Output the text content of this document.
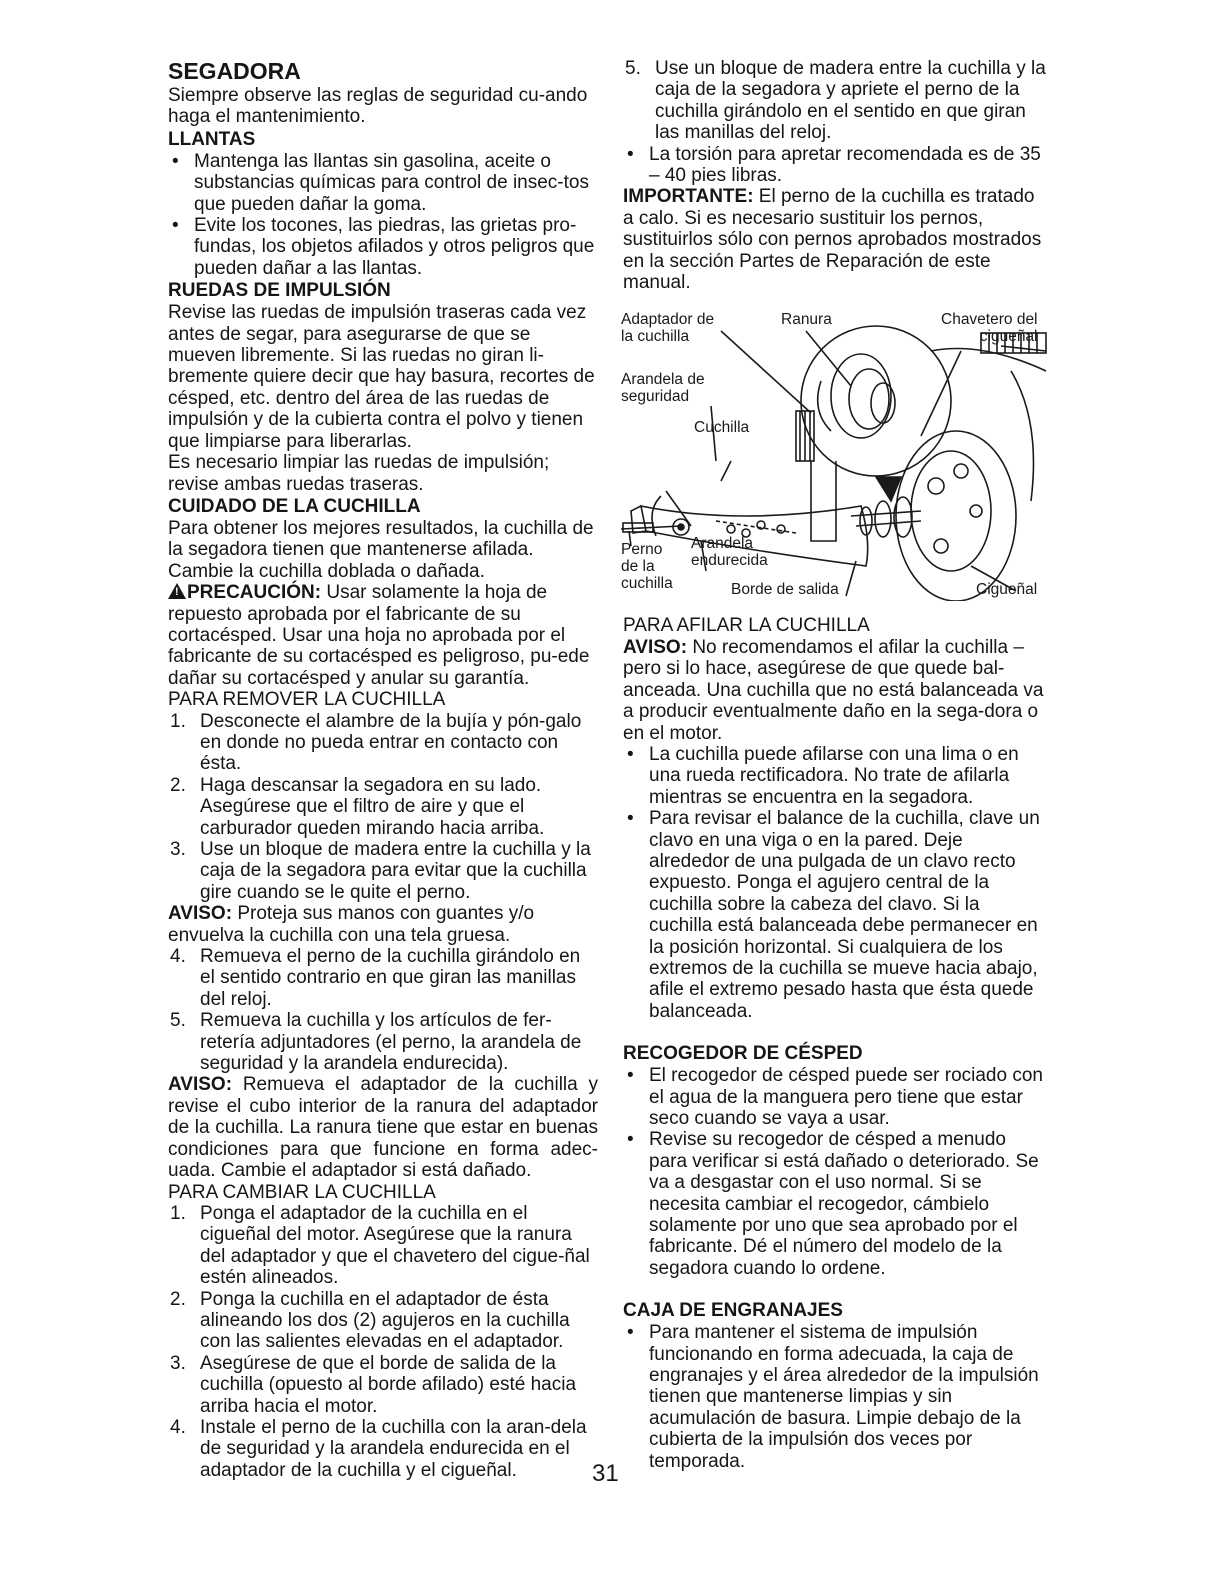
SEGADORA

Siempre observe las reglas de seguridad cu-ando haga el mantenimiento.

LLANTAS
• Mantenga las llantas sin gasolina, aceite o substancias químicas para control de insec-tos que pueden dañar la goma.
• Evite los tocones, las piedras, las grietas pro-fundas, los objetos afilados y otros peligros que pueden dañar a las llantas.
RUEDAS DE IMPULSIÓN

Revise las ruedas de impulsión traseras cada vez antes de segar, para asegurarse de que se mueven libremente. Si las ruedas no giran li-bremente quiere decir que hay basura, recortes de césped, etc. dentro del área de las ruedas de impulsión y de la cubierta contra el polvo y tienen que limpiarse para liberarlas.

Es necesario limpiar las ruedas de impulsión; revise ambas ruedas traseras.

CUIDADO DE LA CUCHILLA

Para obtener los mejores resultados, la cuchilla de la segadora tienen que mantenerse afilada. Cambie la cuchilla doblada o dañada.

! PRECAUCIÓN: Usar solamente la hoja de repuesto aprobada por el fabricante de su cortacésped. Usar una hoja no aprobada por el fabricante de su cortacésped es peligroso, pu-ede dañar su cortacésped y anular su garantía.

PARA REMOVER LA CUCHILLA
1. Desconecte el alambre de la bujía y pón-galo en donde no pueda entrar en contacto con ésta.
2. Haga descansar la segadora en su lado. Asegúrese que el filtro de aire y que el carburador queden mirando hacia arriba.
3. Use un bloque de madera entre la cuchilla y la caja de la segadora para evitar que la cuchilla gire cuando se le quite el perno.

AVISO: Proteja sus manos con guantes y/o envuelva la cuchilla con una tela gruesa.

4. Remueva el perno de la cuchilla girándolo en el sentido contrario en que giran las manillas del reloj.
5. Remueva la cuchilla y los artículos de fer-retería adjuntadores (el perno, la arandela de seguridad y la arandela endurecida).

AVISO: Remueva el adaptador de la cuchilla y revise el cubo interior de la ranura del adaptador de la cuchilla. La ranura tiene que estar en buenas condiciones para que funcione en forma adec-uada. Cambie el adaptador si está dañado.

PARA CAMBIAR LA CUCHILLA
1. Ponga el adaptador de la cuchilla en el cigueñal del motor. Asegúrese que la ranura del adaptador y que el chavetero del cigue-ñal estén alineados.
2. Ponga la cuchilla en el adaptador de ésta alineando los dos (2) agujeros en la cuchilla con las salientes elevadas en el adaptador.
3. Asegúrese de que el borde de salida de la cuchilla (opuesto al borde afilado) esté hacia arriba hacia el motor.
4. Instale el perno de la cuchilla con la aran-dela de seguridad y la arandela endurecida en el adaptador de la cuchilla y el cigueñal.
5. Use un bloque de madera entre la cuchilla y la caja de la segadora y apriete el perno de la cuchilla girándolo en el sentido en que giran las manillas del reloj.
• La torsión para apretar recomendada es de 35 – 40 pies libras.

IMPORTANTE: El perno de la cuchilla es tratado a calo. Si es necesario sustituir los pernos, sustituirlos sólo con pernos aprobados mostrados en la sección Partes de Reparación de este manual.

Adaptador de
la cuchilla
Ranura	Chavetero del
cigueñal
Arandela de
seguridad
Cuchilla
Perno
de la
cuchilla
Arandela
endurecida
Borde de salida	Cigueñal
PARA AFILAR LA CUCHILLA

AVISO: No recomendamos el afilar la cuchilla – pero si lo hace, asegúrese de que quede bal-anceada. Una cuchilla que no está balanceada va a producir eventualmente daño en la sega-dora o en el motor.

• La cuchilla puede afilarse con una lima o en una rueda rectificadora. No trate de afilarla mientras se encuentra en la segadora.
• Para revisar el balance de la cuchilla, clave un clavo en una viga o en la pared. Deje alrededor de una pulgada de un clavo recto expuesto. Ponga el agujero central de la cuchilla sobre la cabeza del clavo. Si la cuchilla está balanceada debe permanecer en la posición horizontal. Si cualquiera de los extremos de la cuchilla se mueve hacia abajo, afile el extremo pesado hasta que ésta quede balanceada.
RECOGEDOR DE CÉSPED
• El recogedor de césped puede ser rociado con el agua de la manguera pero tiene que estar seco cuando se vaya a usar.
• Revise su recogedor de césped a menudo para verificar si está dañado o deteriorado. Se va a desgastar con el uso normal. Si se necesita cambiar el recogedor, cámbielo solamente por uno que sea aprobado por el fabricante. Dé el número del modelo de la segadora cuando lo ordene.
CAJA DE ENGRANAJES
• Para mantener el sistema de impulsión funcionando en forma adecuada, la caja de engranajes y el área alrededor de la impulsión tienen que mantenerse limpias y sin acumulación de basura. Limpie debajo de la cubierta de la impulsión dos veces por temporada.
31
